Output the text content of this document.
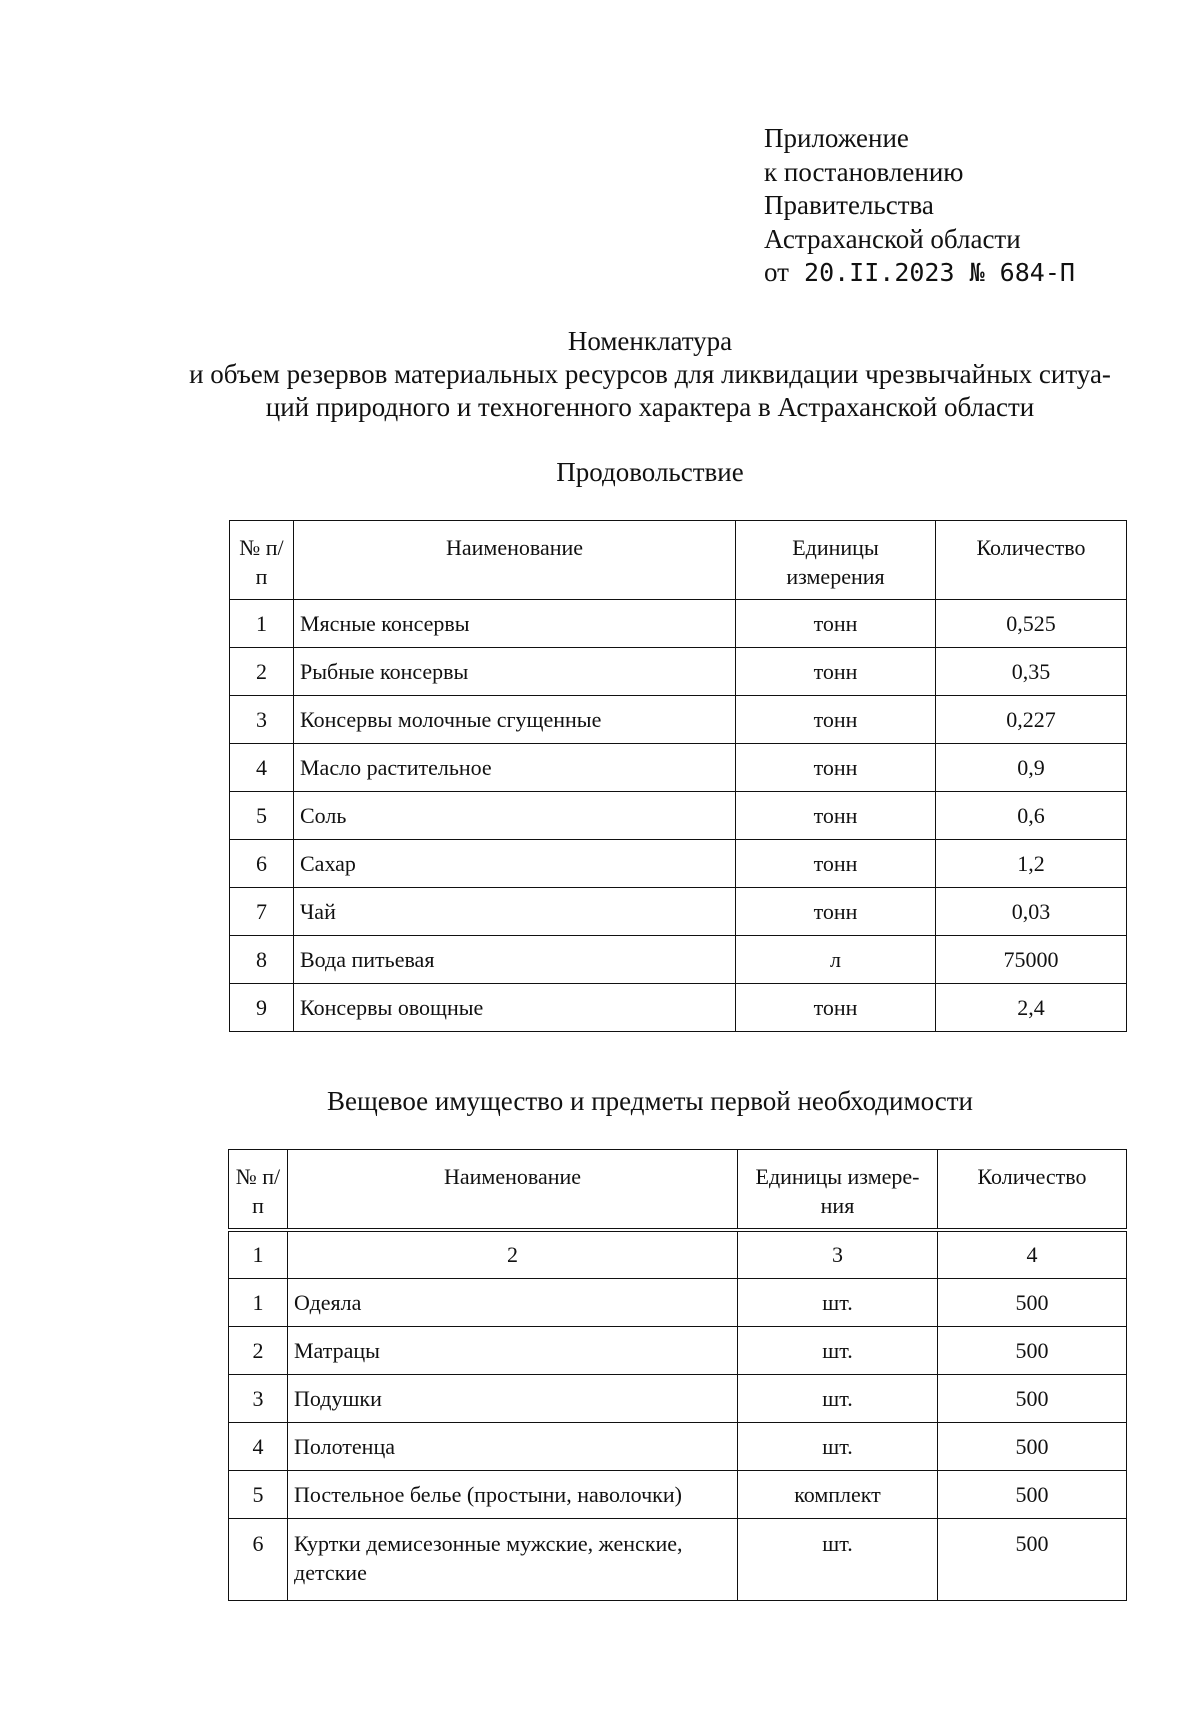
Приложение
к постановлению
Правительства
Астраханской области
от 20.II.2023 № 684-П
Номенклатура
и объем резервов материальных ресурсов для ликвидации чрезвычайных ситуа-
ций природного и техногенного характера в Астраханской области
Продовольствие
№ п/п	Наименование	Единицы измерения	Количество
1	Мясные консервы	тонн	0,525
2	Рыбные консервы	тонн	0,35
3	Консервы молочные сгущенные	тонн	0,227
4	Масло растительное	тонн	0,9
5	Соль	тонн	0,6
6	Сахар	тонн	1,2
7	Чай	тонн	0,03
8	Вода питьевая	л	75000
9	Консервы овощные	тонн	2,4
Вещевое имущество и предметы первой необходимости
№ п/п	Наименование	Единицы измере-ния	Количество
1	2	3	4
1	Одеяла	шт.	500
2	Матрацы	шт.	500
3	Подушки	шт.	500
4	Полотенца	шт.	500
5	Постельное белье (простыни, наволочки)	комплект	500
6	Куртки демисезонные мужские, женские, детские	шт.	500
